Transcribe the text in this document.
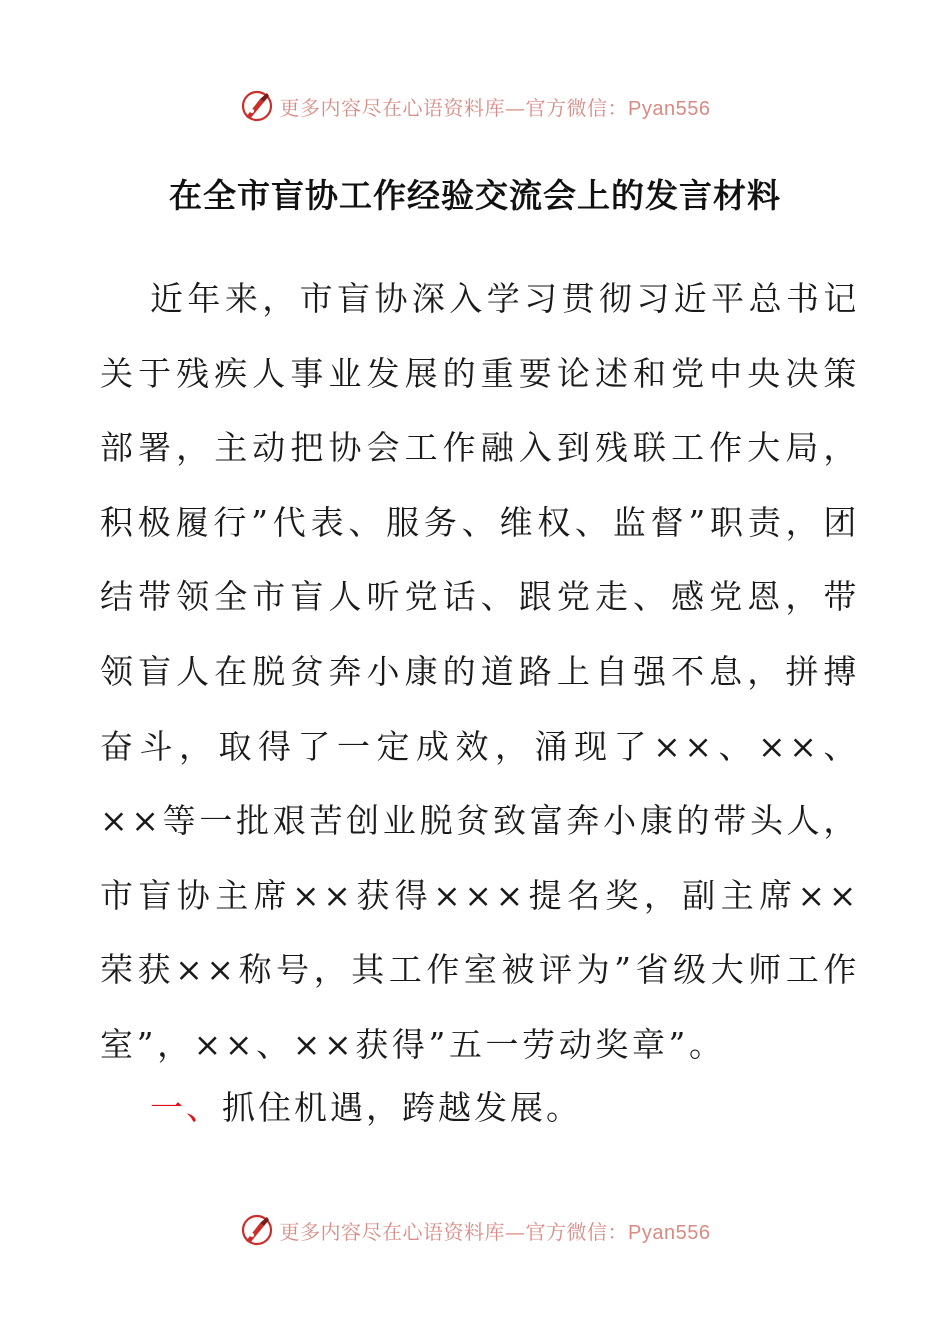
更多内容尽在心语资料库—官方微信：Pyan556
在全市盲协工作经验交流会上的发言材料

近年来，市盲协深入学习贯彻习近平总书记关于残疾人事业发展的重要论述和党中央决策部署，主动把协会工作融入到残联工作大局，积极履行”代表、服务、维权、监督”职责，团结带领全市盲人听党话、跟党走、感党恩，带领盲人在脱贫奔小康的道路上自强不息，拼搏奋斗，取得了一定成效，涌现了××、××、××等一批艰苦创业脱贫致富奔小康的带头人，市盲协主席××获得×××提名奖，副主席××荣获××称号，其工作室被评为”省级大师工作室”，××、××获得”五一劳动奖章”。

一、抓住机遇，跨越发展。

更多内容尽在心语资料库—官方微信：Pyan556
